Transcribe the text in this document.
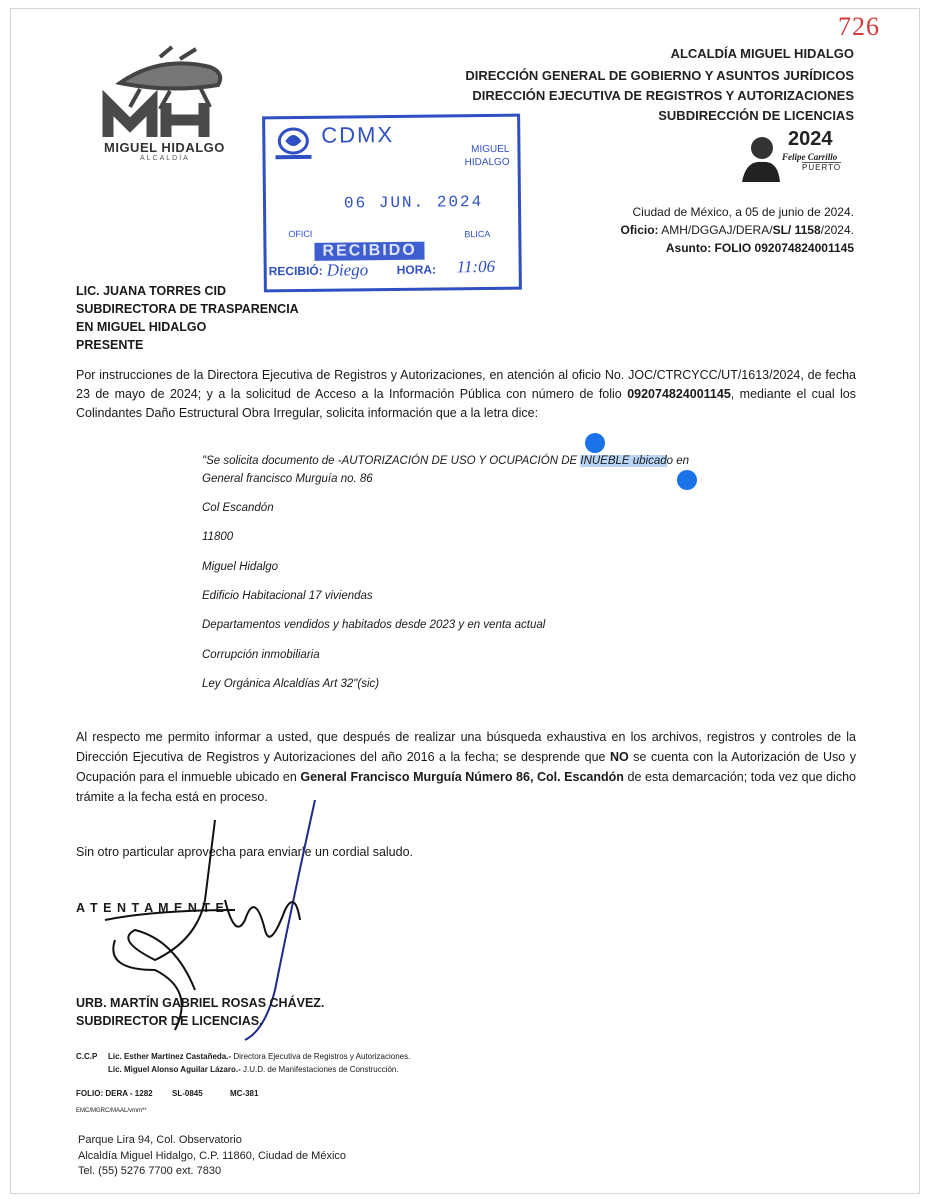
726
MIGUEL HIDALGO
ALCALDÍA
ALCALDÍA MIGUEL HIDALGO
DIRECCIÓN GENERAL DE GOBIERNO Y ASUNTOS JURÍDICOS
DIRECCIÓN EJECUTIVA DE REGISTROS Y AUTORIZACIONES
SUBDIRECCIÓN DE LICENCIAS
CDMX
MIGUEL
HIDALGO
06 JUN. 2024
OFICI	BLICA
RECIBIDO
RECIBIÓ: Diego HORA: 11:06
2024
Felipe Carrillo
PUERTO
Ciudad de México, a 05 de junio de 2024.
Oficio: AMH/DGGAJ/DERA/SL/ 1158/2024.
Asunto: FOLIO 092074824001145
LIC. JUANA TORRES CID
SUBDIRECTORA DE TRASPARENCIA
EN MIGUEL HIDALGO
PRESENTE
Por instrucciones de la Directora Ejecutiva de Registros y Autorizaciones, en atención al oficio No. JOC/CTRCYCC/UT/1613/2024, de fecha 23 de mayo de 2024; y a la solicitud de Acceso a la Información Pública con número de folio 092074824001145, mediante el cual los Colindantes Daño Estructural Obra Irregular, solicita información que a la letra dice:
"Se solicita documento de -AUTORIZACIÓN DE USO Y OCUPACIÓN DE INUEBLE ubicado en
General francisco Murguía no. 86
Col Escandón
11800
Miguel Hidalgo
Edificio Habitacional 17 viviendas
Departamentos vendidos y habitados desde 2023 y en venta actual
Corrupción inmobiliaria
Ley Orgánica Alcaldías Art 32"(sic)
Al respecto me permito informar a usted, que después de realizar una búsqueda exhaustiva en los archivos, registros y controles de la Dirección Ejecutiva de Registros y Autorizaciones del año 2016 a la fecha; se desprende que NO se cuenta con la Autorización de Uso y Ocupación para el inmueble ubicado en General Francisco Murguía Número 86, Col. Escandón de esta demarcación; toda vez que dicho trámite a la fecha está en proceso.
Sin otro particular aprovecha para enviarle un cordial saludo.
A T E N T A M E N T E
URB. MARTÍN GABRIEL ROSAS CHÁVEZ.
SUBDIRECTOR DE LICENCIAS.
C.C.P Lic. Esther Martínez Castañeda.- Directora Ejecutiva de Registros y Autorizaciones.
Lic. Miguel Alonso Aguilar Lázaro.- J.U.D. de Manifestaciones de Construcción.
FOLIO: DERA - 1282 SL-0845	MC-381
EMC/MGRC/MAAL/vmm**
Parque Lira 94, Col. Observatorio
Alcaldía Miguel Hidalgo, C.P. 11860, Ciudad de México
Tel. (55) 5276 7700 ext. 7830
